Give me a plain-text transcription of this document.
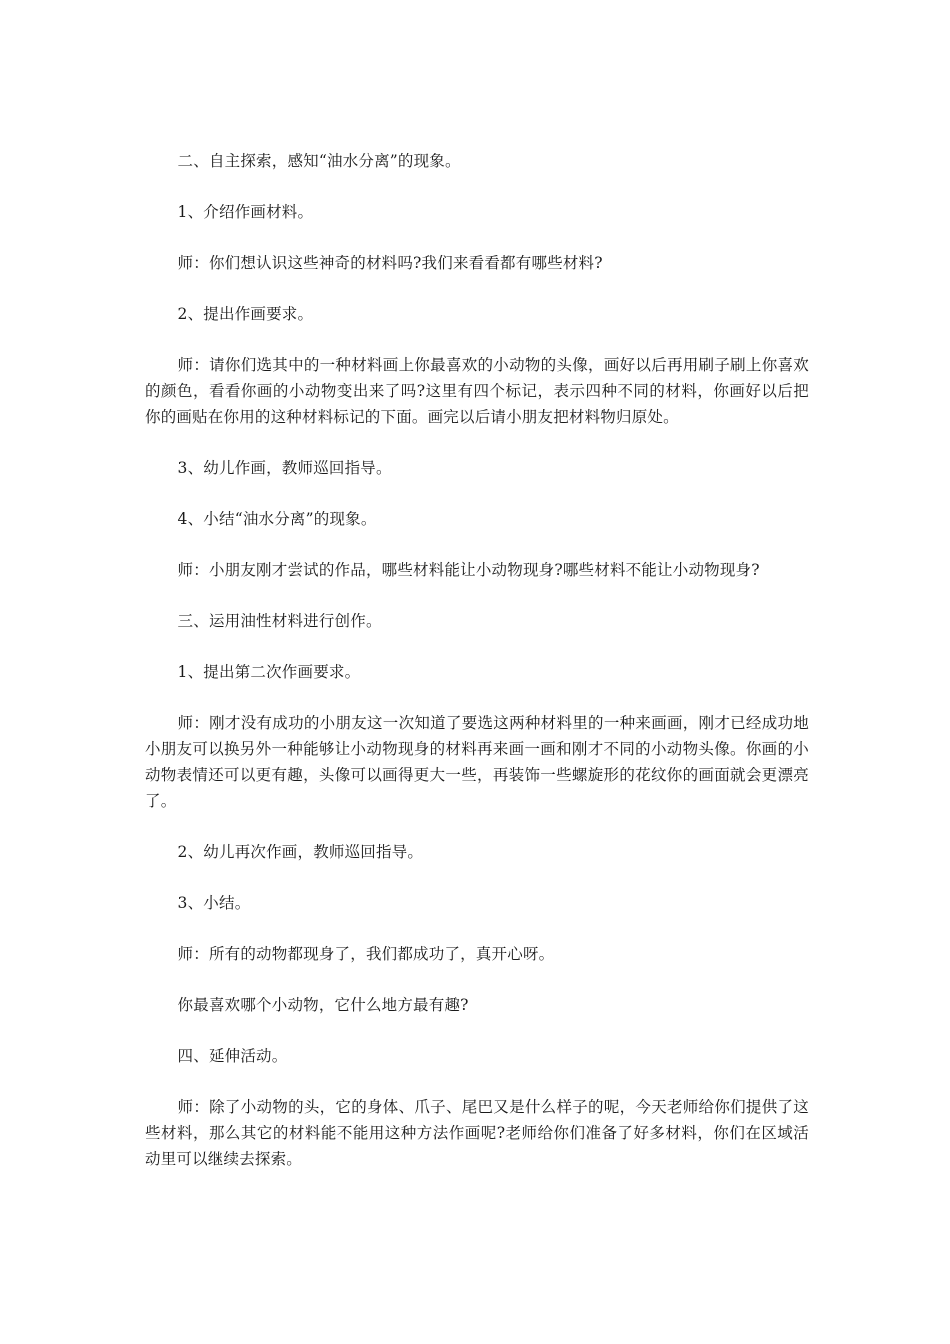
二、自主探索，感知“油水分离”的现象。

1、介绍作画材料。

师：你们想认识这些神奇的材料吗?我们来看看都有哪些材料?

2、提出作画要求。

师：请你们选其中的一种材料画上你最喜欢的小动物的头像，画好以后再用刷子刷上你喜欢的颜色，看看你画的小动物变出来了吗?这里有四个标记，表示四种不同的材料，你画好以后把你的画贴在你用的这种材料标记的下面。画完以后请小朋友把材料物归原处。

3、幼儿作画，教师巡回指导。

4、小结“油水分离”的现象。

师：小朋友刚才尝试的作品，哪些材料能让小动物现身?哪些材料不能让小动物现身?

三、运用油性材料进行创作。

1、提出第二次作画要求。

师：刚才没有成功的小朋友这一次知道了要选这两种材料里的一种来画画，刚才已经成功地小朋友可以换另外一种能够让小动物现身的材料再来画一画和刚才不同的小动物头像。你画的小动物表情还可以更有趣，头像可以画得更大一些，再装饰一些螺旋形的花纹你的画面就会更漂亮了。

2、幼儿再次作画，教师巡回指导。

3、小结。

师：所有的动物都现身了，我们都成功了，真开心呀。

你最喜欢哪个小动物，它什么地方最有趣?

四、延伸活动。

师：除了小动物的头，它的身体、爪子、尾巴又是什么样子的呢，今天老师给你们提供了这些材料，那么其它的材料能不能用这种方法作画呢?老师给你们准备了好多材料，你们在区域活动里可以继续去探索。
